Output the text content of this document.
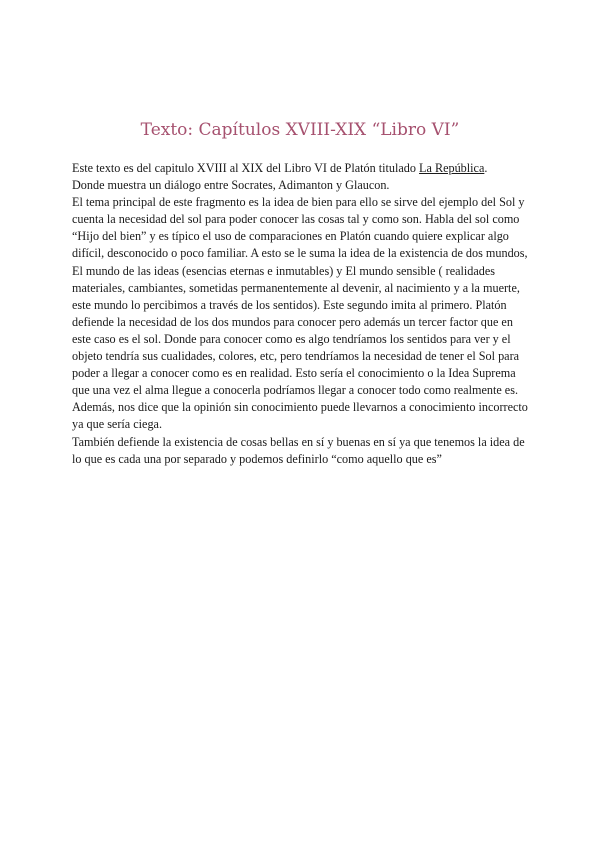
Texto: Capítulos XVIII-XIX “Libro VI”

Este texto es del capitulo XVIII al XIX del Libro VI de Platón titulado La República.

Donde muestra un diálogo entre Socrates, Adimanton y Glaucon.

El tema principal de este fragmento es la idea de bien para ello se sirve del ejemplo del Sol y cuenta la necesidad del sol para poder conocer las cosas tal y como son. Habla del sol como “Hijo del bien” y es típico el uso de comparaciones en Platón cuando quiere explicar algo difícil, desconocido o poco familiar. A esto se le suma la idea de la existencia de dos mundos, El mundo de las ideas (esencias eternas e inmutables) y El mundo sensible ( realidades materiales, cambiantes, sometidas permanentemente al devenir, al nacimiento y a la muerte, este mundo lo percibimos a través de los sentidos). Este segundo imita al primero. Platón defiende la necesidad de los dos mundos para conocer pero además un tercer factor que en este caso es el sol. Donde para conocer como es algo tendríamos los sentidos para ver y el objeto tendría sus cualidades, colores, etc, pero tendríamos la necesidad de tener el Sol para poder a llegar a conocer como es en realidad. Esto sería el conocimiento o la Idea Suprema que una vez el alma llegue a conocerla podríamos llegar a conocer todo como realmente es.

Además, nos dice que la opinión sin conocimiento puede llevarnos a conocimiento incorrecto ya que sería ciega.

También defiende la existencia de cosas bellas en sí y buenas en sí ya que tenemos la idea de lo que es cada una por separado y podemos definirlo “como aquello que es”
